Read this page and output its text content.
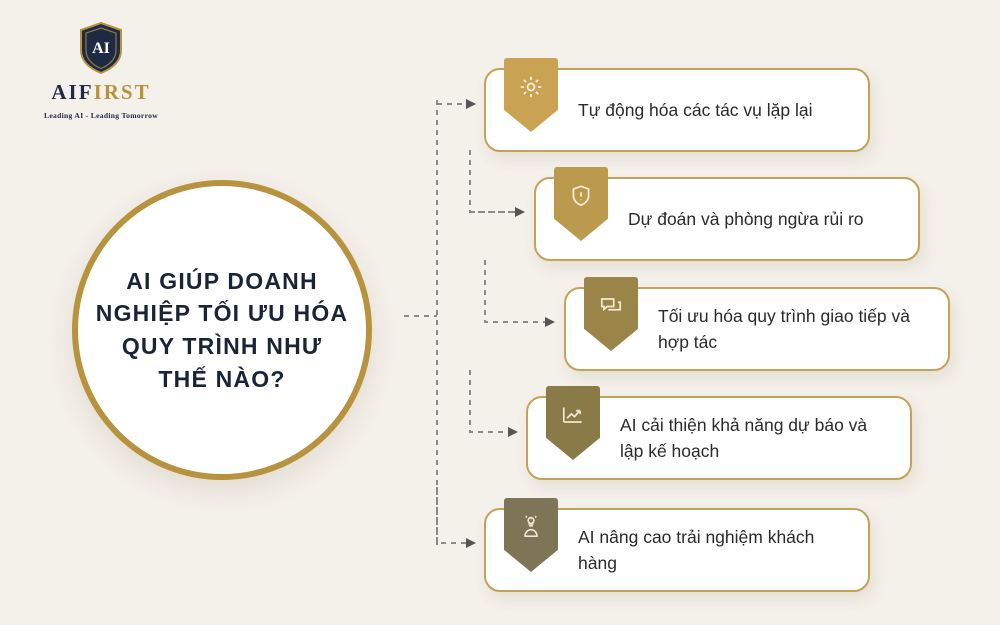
AI
AIFIRST
Leading AI - Leading Tomorrow
AI GIÚP DOANH NGHIỆP TỐI ƯU HÓA QUY TRÌNH NHƯ THẾ NÀO?
Tự động hóa các tác vụ lặp lại
Dự đoán và phòng ngừa rủi ro
Tối ưu hóa quy trình giao tiếp và hợp tác
AI cải thiện khả năng dự báo và lập kế hoạch
AI nâng cao trải nghiệm khách hàng
